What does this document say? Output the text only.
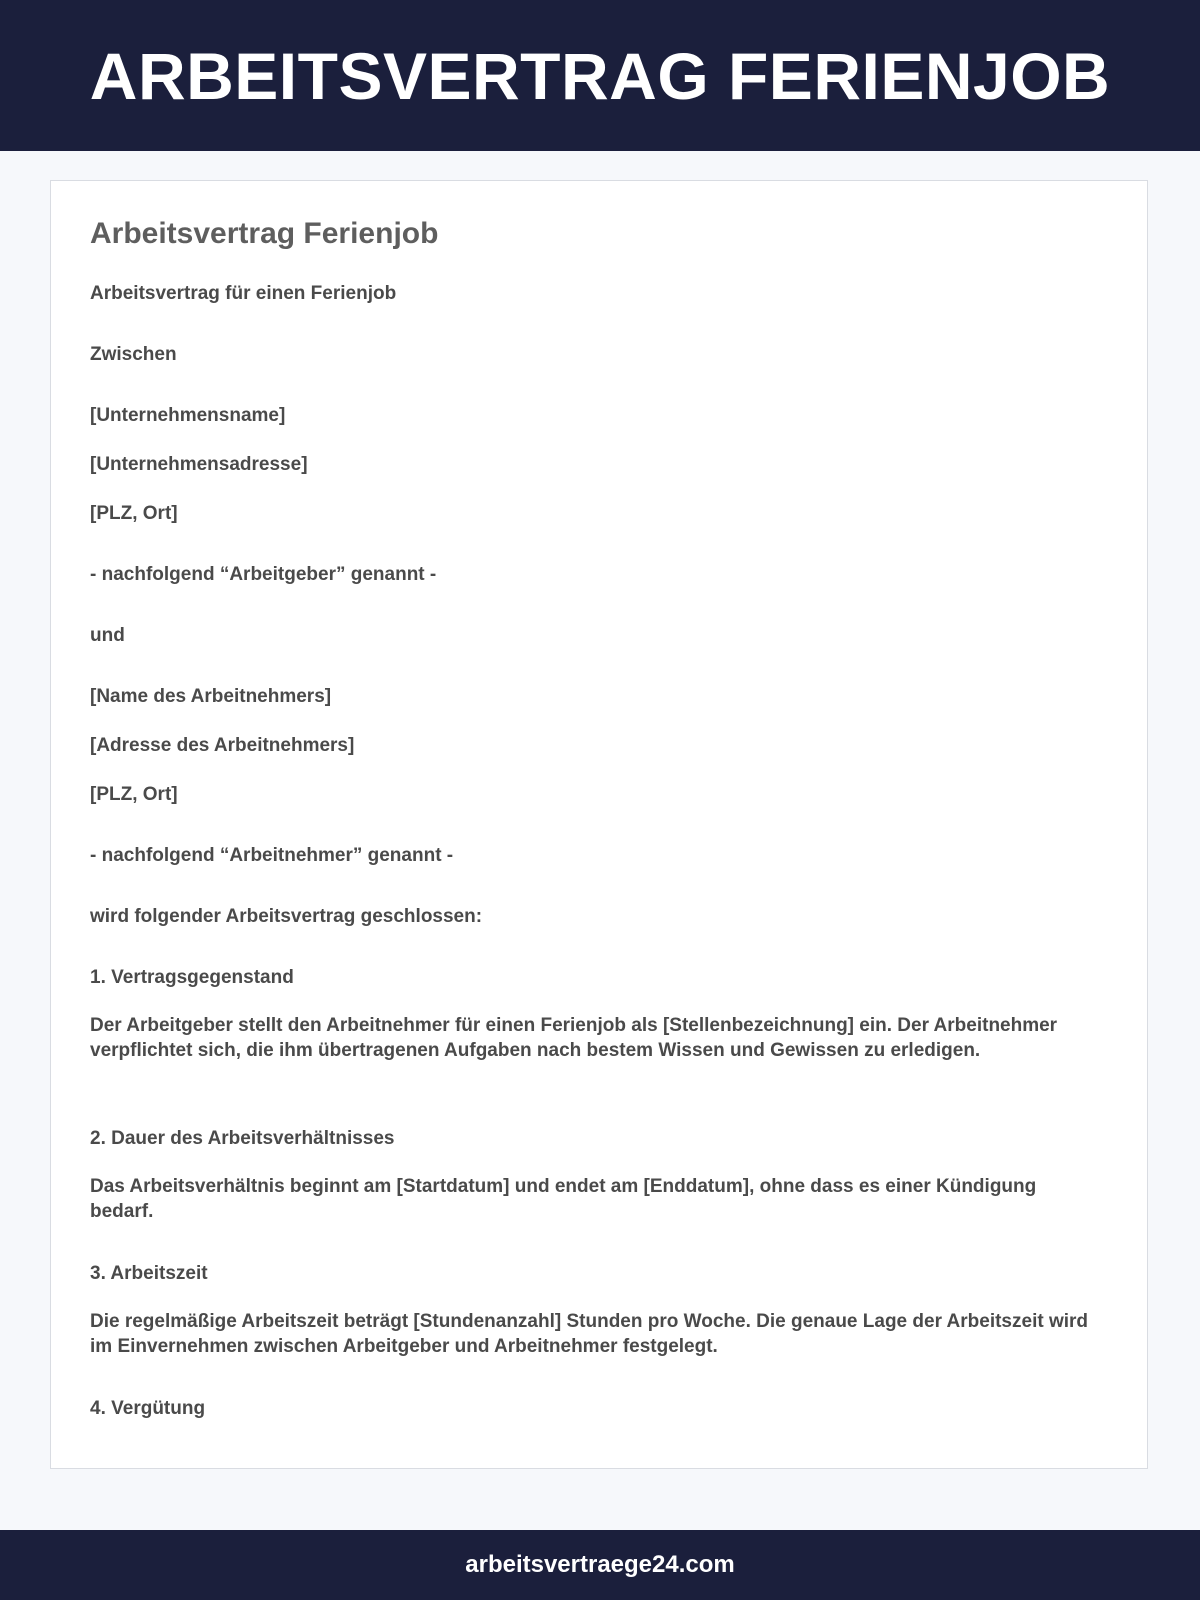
ARBEITSVERTRAG FERIENJOB
Arbeitsvertrag Ferienjob

Arbeitsvertrag für einen Ferienjob

Zwischen

[Unternehmensname]

[Unternehmensadresse]

[PLZ, Ort]

- nachfolgend “Arbeitgeber” genannt -

und

[Name des Arbeitnehmers]

[Adresse des Arbeitnehmers]

[PLZ, Ort]

- nachfolgend “Arbeitnehmer” genannt -

wird folgender Arbeitsvertrag geschlossen:

1. Vertragsgegenstand

Der Arbeitgeber stellt den Arbeitnehmer für einen Ferienjob als [Stellenbezeichnung] ein. Der Arbeitnehmer verpflichtet sich, die ihm übertragenen Aufgaben nach bestem Wissen und Gewissen zu erledigen.

2. Dauer des Arbeitsverhältnisses

Das Arbeitsverhältnis beginnt am [Startdatum] und endet am [Enddatum], ohne dass es einer Kündigung bedarf.

3. Arbeitszeit

Die regelmäßige Arbeitszeit beträgt [Stundenanzahl] Stunden pro Woche. Die genaue Lage der Arbeitszeit wird im Einvernehmen zwischen Arbeitgeber und Arbeitnehmer festgelegt.

4. Vergütung

arbeitsvertraege24.com
